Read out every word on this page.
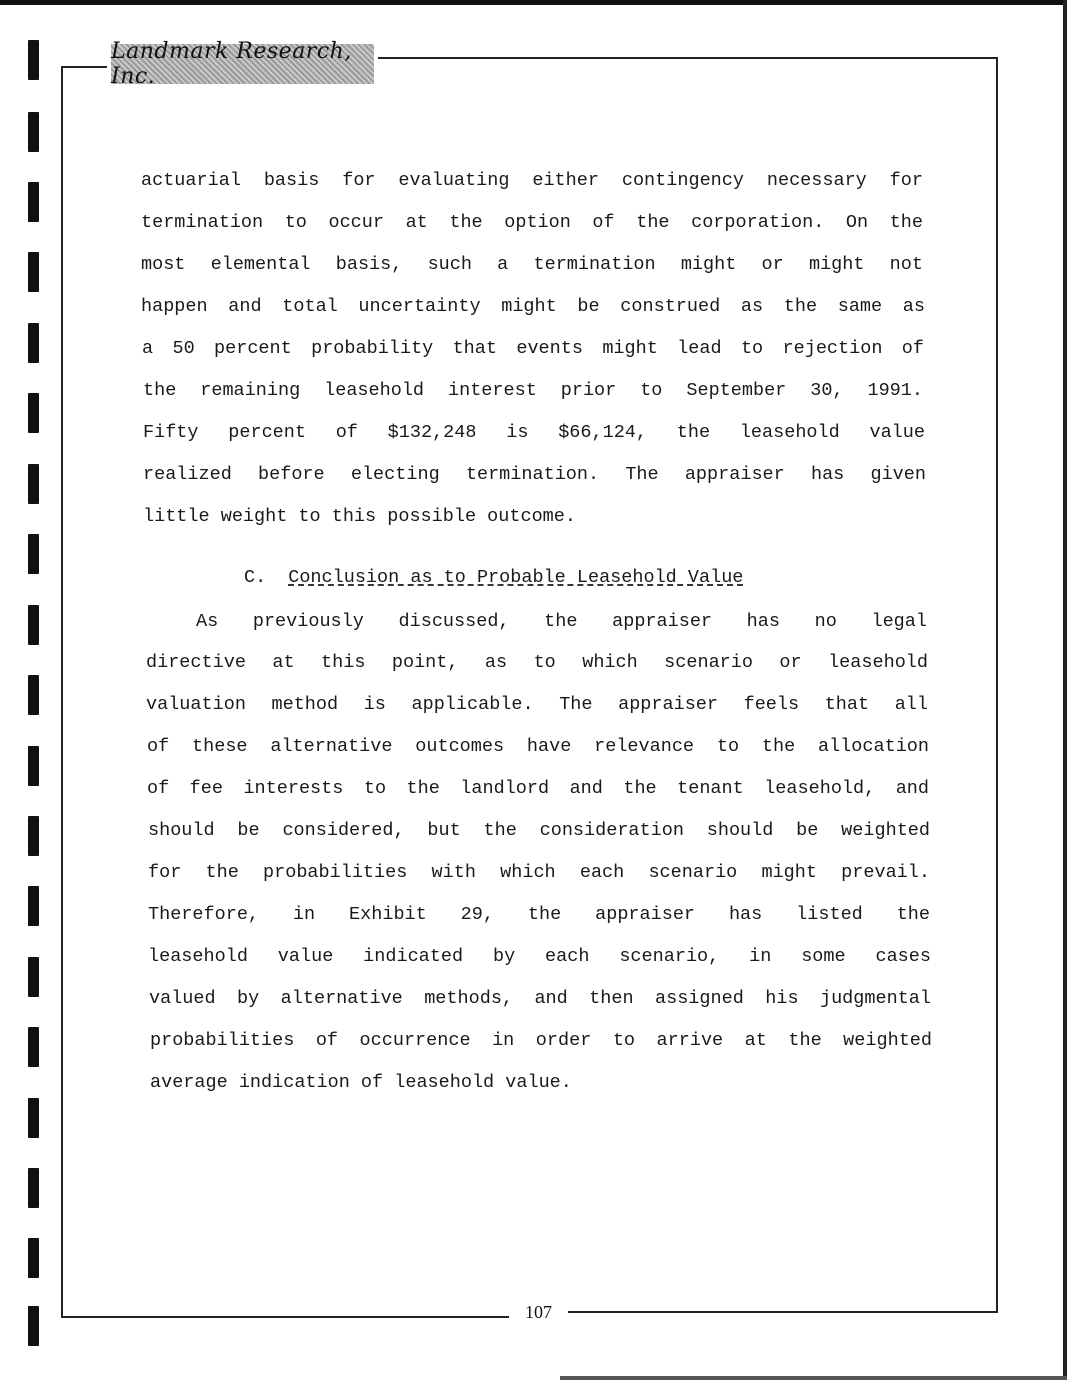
Landmark Research, Inc.
actuarial basis for evaluating either contingency necessary for
termination to occur at the option of the corporation. On the
most elemental basis, such a termination might or might not
happen and total uncertainty might be construed as the same as
a 50 percent probability that events might lead to rejection of
the remaining leasehold interest prior to September 30, 1991.
Fifty percent of $132,248 is $66,124, the leasehold value
realized before electing termination. The appraiser has given
little weight to this possible outcome.
C. Conclusion as to Probable Leasehold Value
As previously discussed, the appraiser has no legal
directive at this point, as to which scenario or leasehold
valuation method is applicable. The appraiser feels that all
of these alternative outcomes have relevance to the allocation
of fee interests to the landlord and the tenant leasehold, and
should be considered, but the consideration should be weighted
for the probabilities with which each scenario might prevail.
Therefore, in Exhibit 29, the appraiser has listed the
leasehold value indicated by each scenario, in some cases
valued by alternative methods, and then assigned his judgmental
probabilities of occurrence in order to arrive at the weighted
average indication of leasehold value.
107
